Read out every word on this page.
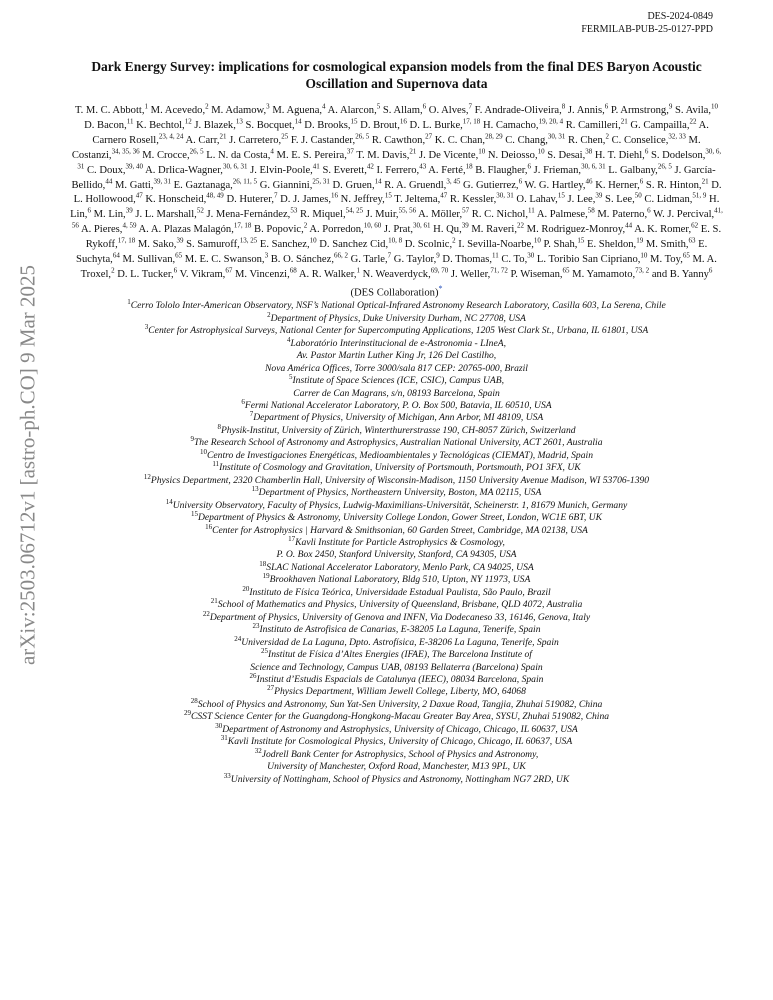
DES-2024-0849
FERMILAB-PUB-25-0127-PPD
arXiv:2503.06712v1 [astro-ph.CO] 9 Mar 2025
Dark Energy Survey: implications for cosmological expansion models from the final DES Baryon Acoustic Oscillation and Supernova data
T. M. C. Abbott,$^1$ M. Acevedo,$^2$ M. Adamow,$^3$ M. Aguena,$^4$ A. Alarcon,$^5$ S. Allam,$^6$ O. Alves,$^7$ F. Andrade-Oliveira,$^8$ J. Annis,$^6$ P. Armstrong,$^9$ S. Avila,$^{10}$ D. Bacon,$^{11}$ K. Bechtol,$^{12}$ J. Blazek,$^{13}$ S. Bocquet,$^{14}$ D. Brooks,$^{15}$ D. Brout,$^{16}$ D. L. Burke,$^{17, 18}$ H. Camacho,$^{19, 20, 4}$ R. Camilleri,$^{21}$ G. Campailla,$^{22}$ A. Carnero Rosell,$^{23, 4, 24}$ A. Carr,$^{21}$ J. Carretero,$^{25}$ F. J. Castander,$^{26, 5}$ R. Cawthon,$^{27}$ K. C. Chan,$^{28, 29}$ C. Chang,$^{30, 31}$ R. Chen,$^2$ C. Conselice,$^{32, 33}$ M. Costanzi,$^{34, 35, 36}$ M. Crocce,$^{26, 5}$ L. N. da Costa,$^4$ M. E. S. Pereira,$^{37}$ T. M. Davis,$^{21}$ J. De Vicente,$^{10}$ N. Deiosso,$^{10}$ S. Desai,$^{38}$ H. T. Diehl,$^6$ S. Dodelson,$^{30, 6, 31}$ C. Doux,$^{39, 40}$ A. Drlica-Wagner,$^{30, 6, 31}$ J. Elvin-Poole,$^{41}$ S. Everett,$^{42}$ I. Ferrero,$^{43}$ A. Ferté,$^{18}$ B. Flaugher,$^6$ J. Frieman,$^{30, 6, 31}$ L. Galbany,$^{26, 5}$ J. García-Bellido,$^{44}$ M. Gatti,$^{39, 31}$ E. Gaztanaga,$^{26, 11, 5}$ G. Giannini,$^{25, 31}$ D. Gruen,$^{14}$ R. A. Gruendl,$^{3, 45}$ G. Gutierrez,$^6$ W. G. Hartley,$^{46}$ K. Herner,$^6$ S. R. Hinton,$^{21}$ D. L. Hollowood,$^{47}$ K. Honscheid,$^{48, 49}$ D. Huterer,$^7$ D. J. James,$^{16}$ N. Jeffrey,$^{15}$ T. Jeltema,$^{47}$ R. Kessler,$^{30, 31}$ O. Lahav,$^{15}$ J. Lee,$^{39}$ S. Lee,$^{50}$ C. Lidman,$^{51, 9}$ H. Lin,$^6$ M. Lin,$^{39}$ J. L. Marshall,$^{52}$ J. Mena-Fernández,$^{53}$ R. Miquel,$^{54, 25}$ J. Muir,$^{55, 56}$ A. Möller,$^{57}$ R. C. Nichol,$^{11}$ A. Palmese,$^{58}$ M. Paterno,$^6$ W. J. Percival,$^{41, 56}$ A. Pieres,$^{4, 59}$ A. A. Plazas Malagón,$^{17, 18}$ B. Popovic,$^2$ A. Porredon,$^{10, 60}$ J. Prat,$^{30, 61}$ H. Qu,$^{39}$ M. Raveri,$^{22}$ M. Rodriguez-Monroy,$^{44}$ A. K. Romer,$^{62}$ E. S. Rykoff,$^{17, 18}$ M. Sako,$^{39}$ S. Samuroff,$^{13, 25}$ E. Sanchez,$^{10}$ D. Sanchez Cid,$^{10, 8}$ D. Scolnic,$^2$ I. Sevilla-Noarbe,$^{10}$ P. Shah,$^{15}$ E. Sheldon,$^{19}$ M. Smith,$^{63}$ E. Suchyta,$^{64}$ M. Sullivan,$^{65}$ M. E. C. Swanson,$^3$ B. O. Sánchez,$^{66, 2}$ G. Tarle,$^7$ G. Taylor,$^9$ D. Thomas,$^{11}$ C. To,$^{30}$ L. Toribio San Cipriano,$^{10}$ M. Toy,$^{65}$ M. A. Troxel,$^2$ D. L. Tucker,$^6$ V. Vikram,$^{67}$ M. Vincenzi,$^{68}$ A. R. Walker,$^1$ N. Weaverdyck,$^{69, 70}$ J. Weller,$^{71, 72}$ P. Wiseman,$^{65}$ M. Yamamoto,$^{73, 2}$ and B. Yanny$^6$
(DES Collaboration)*
$^1$Cerro Tololo Inter-American Observatory, NSF’s National Optical-Infrared Astronomy Research Laboratory, Casilla 603, La Serena, Chile
$^2$Department of Physics, Duke University Durham, NC 27708, USA
$^3$Center for Astrophysical Surveys, National Center for Supercomputing Applications, 1205 West Clark St., Urbana, IL 61801, USA
$^4$Laboratório Interinstitucional de e-Astronomia - LIneA,
Av. Pastor Martin Luther King Jr, 126 Del Castilho,
Nova América Offices, Torre 3000/sala 817 CEP: 20765-000, Brazil
$^5$Institute of Space Sciences (ICE, CSIC), Campus UAB,
Carrer de Can Magrans, s/n, 08193 Barcelona, Spain
$^6$Fermi National Accelerator Laboratory, P. O. Box 500, Batavia, IL 60510, USA
$^7$Department of Physics, University of Michigan, Ann Arbor, MI 48109, USA
$^8$Physik-Institut, University of Zürich, Winterthurerstrasse 190, CH-8057 Zürich, Switzerland
$^9$The Research School of Astronomy and Astrophysics, Australian National University, ACT 2601, Australia
$^{10}$Centro de Investigaciones Energéticas, Medioambientales y Tecnológicas (CIEMAT), Madrid, Spain
$^{11}$Institute of Cosmology and Gravitation, University of Portsmouth, Portsmouth, PO1 3FX, UK
$^{12}$Physics Department, 2320 Chamberlin Hall, University of Wisconsin-Madison, 1150 University Avenue Madison, WI 53706-1390
$^{13}$Department of Physics, Northeastern University, Boston, MA 02115, USA
$^{14}$University Observatory, Faculty of Physics, Ludwig-Maximilians-Universität, Scheinerstr. 1, 81679 Munich, Germany
$^{15}$Department of Physics & Astronomy, University College London, Gower Street, London, WC1E 6BT, UK
$^{16}$Center for Astrophysics | Harvard & Smithsonian, 60 Garden Street, Cambridge, MA 02138, USA
$^{17}$Kavli Institute for Particle Astrophysics & Cosmology,
P. O. Box 2450, Stanford University, Stanford, CA 94305, USA
$^{18}$SLAC National Accelerator Laboratory, Menlo Park, CA 94025, USA
$^{19}$Brookhaven National Laboratory, Bldg 510, Upton, NY 11973, USA
$^{20}$Instituto de Física Teórica, Universidade Estadual Paulista, São Paulo, Brazil
$^{21}$School of Mathematics and Physics, University of Queensland, Brisbane, QLD 4072, Australia
$^{22}$Department of Physics, University of Genova and INFN, Via Dodecaneso 33, 16146, Genova, Italy
$^{23}$Instituto de Astrofisica de Canarias, E-38205 La Laguna, Tenerife, Spain
$^{24}$Universidad de La Laguna, Dpto. Astrofísica, E-38206 La Laguna, Tenerife, Spain
$^{25}$Institut de Física d’Altes Energies (IFAE), The Barcelona Institute of
Science and Technology, Campus UAB, 08193 Bellaterra (Barcelona) Spain
$^{26}$Institut d’Estudis Espacials de Catalunya (IEEC), 08034 Barcelona, Spain
$^{27}$Physics Department, William Jewell College, Liberty, MO, 64068
$^{28}$School of Physics and Astronomy, Sun Yat-Sen University, 2 Daxue Road, Tangjia, Zhuhai 519082, China
$^{29}$CSST Science Center for the Guangdong-Hongkong-Macau Greater Bay Area, SYSU, Zhuhai 519082, China
$^{30}$Department of Astronomy and Astrophysics, University of Chicago, Chicago, IL 60637, USA
$^{31}$Kavli Institute for Cosmological Physics, University of Chicago, Chicago, IL 60637, USA
$^{32}$Jodrell Bank Center for Astrophysics, School of Physics and Astronomy,
University of Manchester, Oxford Road, Manchester, M13 9PL, UK
$^{33}$University of Nottingham, School of Physics and Astronomy, Nottingham NG7 2RD, UK
